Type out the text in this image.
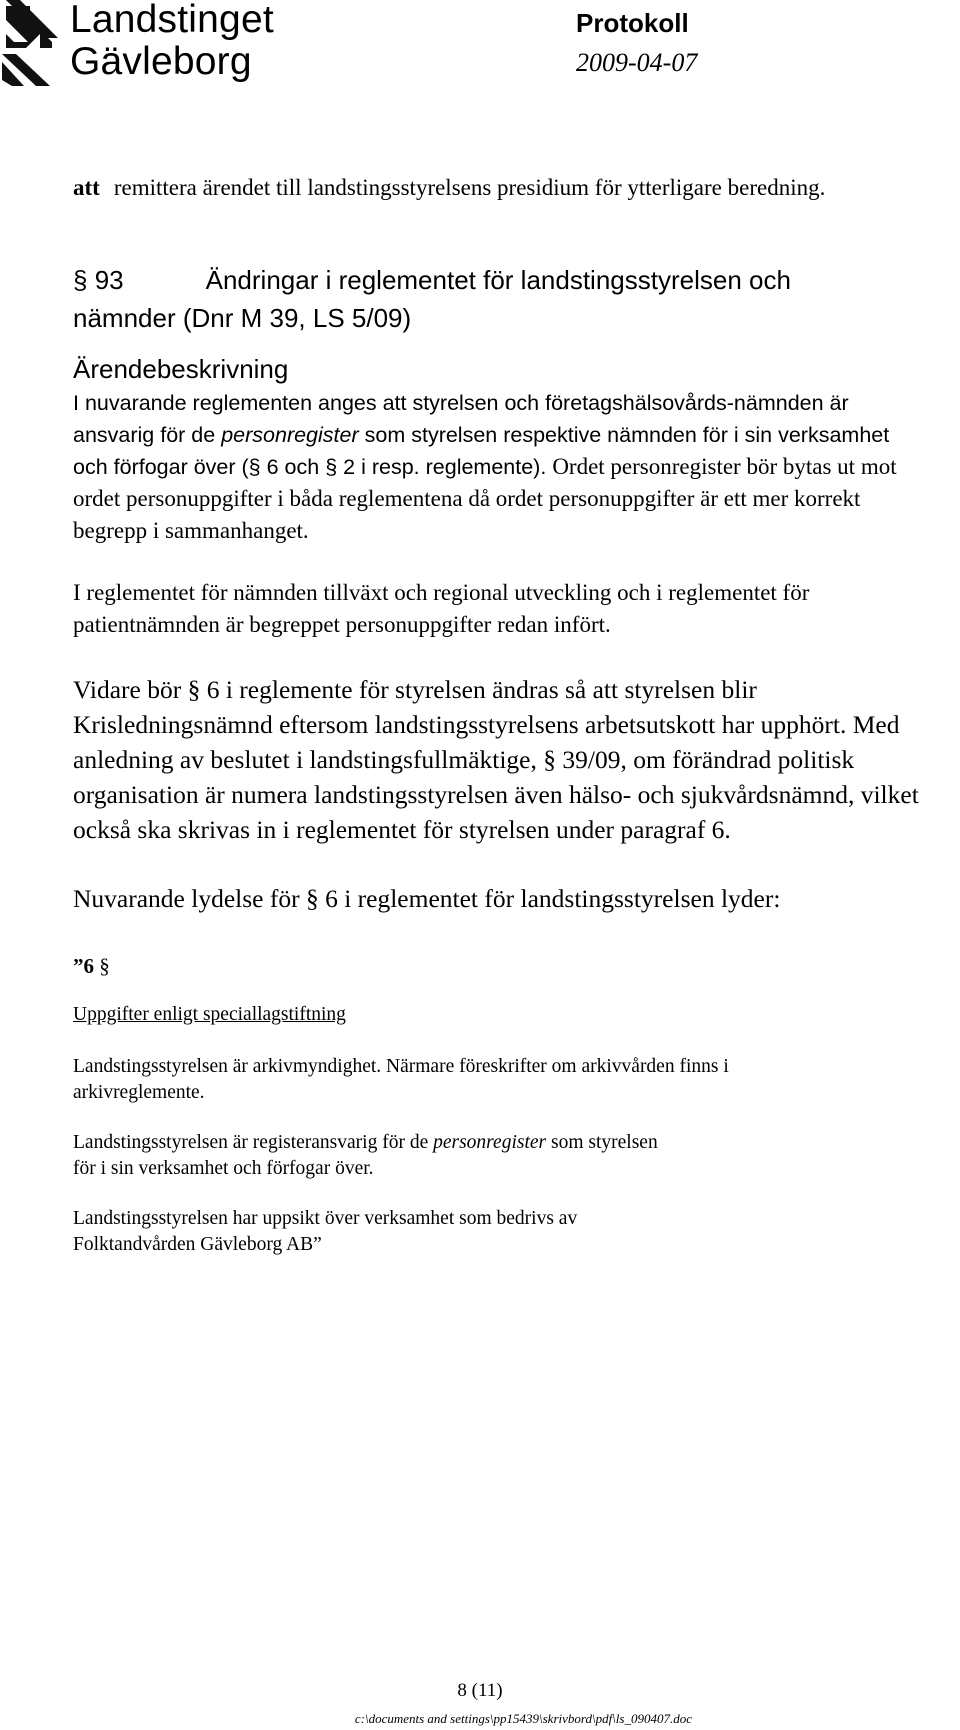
Landstinget
Gävleborg
Protokoll
2009-04-07

att remittera ärendet till landstingsstyrelsens presidium för ytterligare beredning.

§ 93	Ändringar i reglementet för landstingsstyrelsen och
nämnder (Dnr M 39, LS 5/09)
Ärendebeskrivning

I nuvarande reglementen anges att styrelsen och företagshälsovårds-nämnden är ansvarig för de personregister som styrelsen respektive nämnden för i sin verksamhet och förfogar över (§ 6 och § 2 i resp. reglemente). Ordet personregister bör bytas ut mot ordet personuppgifter i båda reglementena då ordet personuppgifter är ett mer korrekt begrepp i sammanhanget.

I reglementet för nämnden tillväxt och regional utveckling och i reglementet för patientnämnden är begreppet personuppgifter redan infört.

Vidare bör § 6 i reglemente för styrelsen ändras så att styrelsen blir Krisledningsnämnd eftersom landstingsstyrelsens arbetsutskott har upphört. Med anledning av beslutet i landstingsfullmäktige, § 39/09, om förändrad politisk organisation är numera landstingsstyrelsen även hälso- och sjukvårdsnämnd, vilket också ska skrivas in i reglementet för styrelsen under paragraf 6.

Nuvarande lydelse för § 6 i reglementet för landstingsstyrelsen lyder:

”6 §

Uppgifter enligt speciallagstiftning

Landstingsstyrelsen är arkivmyndighet. Närmare föreskrifter om arkivvården finns i arkivreglemente.

Landstingsstyrelsen är registeransvarig för de personregister som styrelsen
för i sin verksamhet och förfogar över.

Landstingsstyrelsen har uppsikt över verksamhet som bedrivs av
Folktandvården Gävleborg AB”

8 (11)
c:\documents and settings\pp15439\skrivbord\pdf\ls_090407.doc
